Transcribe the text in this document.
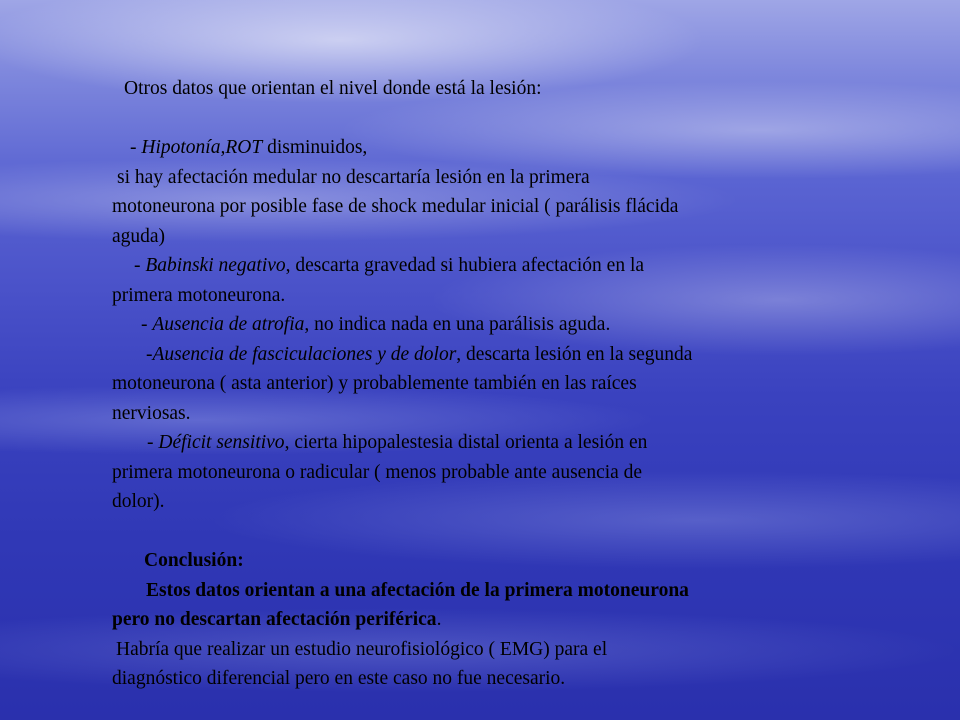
Otros datos que orientan el nivel donde está la lesión:
- Hipotonía,ROT disminuidos,
si hay afectación medular no descartaría lesión en la primera
motoneurona por posible fase de shock medular inicial ( parálisis flácida
aguda)
- Babinski negativo, descarta gravedad si hubiera afectación en la
primera motoneurona.
- Ausencia de atrofia, no indica nada en una parálisis aguda.
-Ausencia de fasciculaciones y de dolor, descarta lesión en la segunda
motoneurona ( asta anterior) y probablemente también en las raíces
nerviosas.
- Déficit sensitivo, cierta hipopalestesia distal orienta a lesión en
primera motoneurona o radicular ( menos probable ante ausencia de
dolor).
Conclusión:
Estos datos orientan a una afectación de la primera motoneurona
pero no descartan afectación periférica.
Habría que realizar un estudio neurofisiológico ( EMG) para el
diagnóstico diferencial pero en este caso no fue necesario.
